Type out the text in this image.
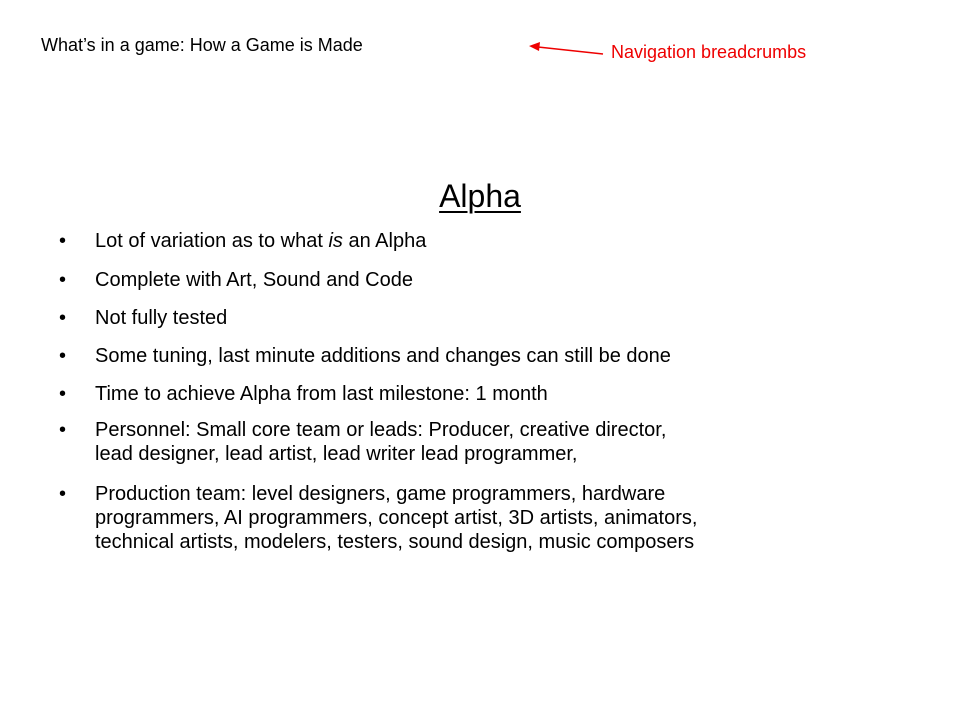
What’s in a game: How a Game is Made	Navigation breadcrumbs
Alpha
• Lot of variation as to what is an Alpha
• Complete with Art, Sound and Code
• Not fully tested
• Some tuning, last minute additions and changes can still be done
• Time to achieve Alpha from last milestone: 1 month
• Personnel: Small core team or leads: Producer, creative director,
lead designer, lead artist, lead writer lead programmer,
• Production team: level designers, game programmers, hardware
programmers, AI programmers, concept artist, 3D artists, animators,
technical artists, modelers, testers, sound design, music composers
